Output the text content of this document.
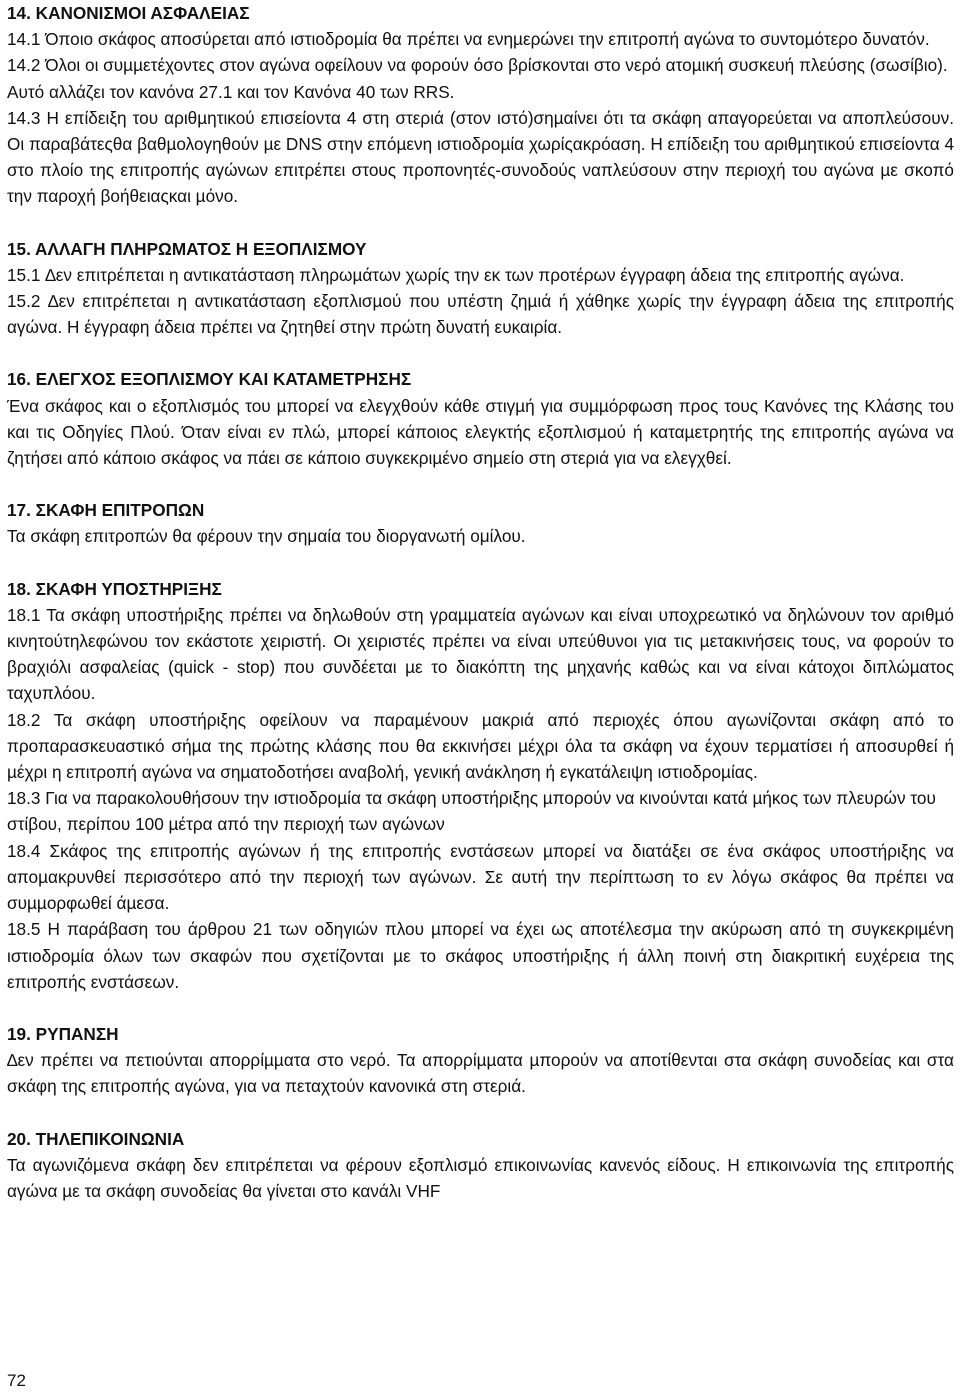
14. ΚΑΝΟΝΙΣΜΟΙ ΑΣΦΑΛΕΙΑΣ

14.1 Όποιο σκάφος αποσύρεται από ιστιοδροµία θα πρέπει να ενηµερώνει την επιτροπή αγώνα το συντοµότερο δυνατόν.

14.2 Όλοι οι συµµετέχοντες στον αγώνα οφείλουν να φορούν όσο βρίσκονται στο νερό ατοµική συσκευή πλεύσης (σωσίβιο). Αυτό αλλάζει τον κανόνα 27.1 και τον Κανόνα 40 των RRS.

14.3 Η επίδειξη του αριθµητικού επισείοντα 4 στη στεριά (στον ιστό)σηµαίνει ότι τα σκάφη απαγορεύεται να αποπλεύσουν. Οι παραβάτεςθα βαθµολογηθούν µε DNS στην επόµενη ιστιοδροµία χωρίςακρόαση. Η επίδειξη του αριθµητικού επισείοντα 4 στο πλοίο της επιτροπής αγώνων επιτρέπει στους προπονητές-συνοδούς ναπλεύσουν στην περιοχή του αγώνα µε σκοπό την παροχή βοήθειαςκαι µόνο.

15. ΑΛΛΑΓΗ ΠΛΗΡΩΜΑΤΟΣ Η ΕΞΟΠΛΙΣΜΟΥ

15.1 ∆εν επιτρέπεται η αντικατάσταση πληρωµάτων χωρίς την εκ των προτέρων έγγραφη άδεια της επιτροπής αγώνα.

15.2 ∆εν επιτρέπεται η αντικατάσταση εξοπλισµού που υπέστη ζηµιά ή χάθηκε χωρίς την έγγραφη άδεια της επιτροπής αγώνα. Η έγγραφη άδεια πρέπει να ζητηθεί στην πρώτη δυνατή ευκαιρία.

16. ΕΛΕΓΧΟΣ ΕΞΟΠΛΙΣΜΟΥ ΚΑΙ ΚΑΤΑΜΕΤΡΗΣΗΣ

Ένα σκάφος και ο εξοπλισµός του µπορεί να ελεγχθούν κάθε στιγµή για συµµόρφωση προς τους Κανόνες της Κλάσης του και τις Οδηγίες Πλού. Όταν είναι εν πλώ, µπορεί κάποιος ελεγκτής εξοπλισµού ή καταµετρητής της επιτροπής αγώνα να ζητήσει από κάποιο σκάφος να πάει σε κάποιο συγκεκριµένο σηµείο στη στεριά για να ελεγχθεί.

17. ΣΚΑΦΗ ΕΠΙΤΡΟΠΩΝ

Τα σκάφη επιτροπών θα φέρουν την σημαία του διοργανωτή ομίλου.

18. ΣΚΑΦΗ ΥΠΟΣΤΗΡΙΞΗΣ

18.1 Τα σκάφη υποστήριξης πρέπει να δηλωθούν στη γραµµατεία αγώνων και είναι υποχρεωτικό να δηλώνουν τον αριθµό κινητούτηλεφώνου τον εκάστοτε χειριστή. Οι χειριστές πρέπει να είναι υπεύθυνοι για τις µετακινήσεις τους, να φορούν το βραχιόλι ασφαλείας (quick - stop) που συνδέεται µε το διακόπτη της µηχανής καθώς και να είναι κάτοχοι διπλώµατος ταχυπλόου.

18.2 Τα σκάφη υποστήριξης οφείλουν να παραµένουν µακριά από περιοχές όπου αγωνίζονται σκάφη από το προπαρασκευαστικό σήµα της πρώτης κλάσης που θα εκκινήσει µέχρι όλα τα σκάφη να έχουν τερµατίσει ή αποσυρθεί ή µέχρι η επιτροπή αγώνα να σηµατοδοτήσει αναβολή, γενική ανάκληση ή εγκατάλειψη ιστιοδροµίας.

18.3 Για να παρακολουθήσουν την ιστιοδροµία τα σκάφη υποστήριξης µπορούν να κινούνται κατά µήκος των πλευρών του στίβου, περίπου 100 µέτρα από την περιοχή των αγώνων

18.4 Σκάφος της επιτροπής αγώνων ή της επιτροπής ενστάσεων µπορεί να διατάξει σε ένα σκάφος υποστήριξης να αποµακρυνθεί περισσότερο από την περιοχή των αγώνων. Σε αυτή την περίπτωση το εν λόγω σκάφος θα πρέπει να συµµορφωθεί άµεσα.

18.5 Η παράβαση του άρθρου 21 των οδηγιών πλου µπορεί να έχει ως αποτέλεσµα την ακύρωση από τη συγκεκριµένη ιστιοδροµία όλων των σκαφών που σχετίζονται µε το σκάφος υποστήριξης ή άλλη ποινή στη διακριτική ευχέρεια της επιτροπής ενστάσεων.

19. ΡΥΠΑΝΣΗ

∆εν πρέπει να πετιούνται απορρίµµατα στο νερό. Τα απορρίµµατα µπορούν να αποτίθενται στα σκάφη συνοδείας και στα σκάφη της επιτροπής αγώνα, για να πεταχτούν κανονικά στη στεριά.

20. ΤΗΛΕΠΙΚΟΙΝΩΝΙΑ

Τα αγωνιζόµενα σκάφη δεν επιτρέπεται να φέρουν εξοπλισµό επικοινωνίας κανενός είδους. Η επικοινωνία της επιτροπής αγώνα µε τα σκάφη συνοδείας θα γίνεται στο κανάλι VHF

72
